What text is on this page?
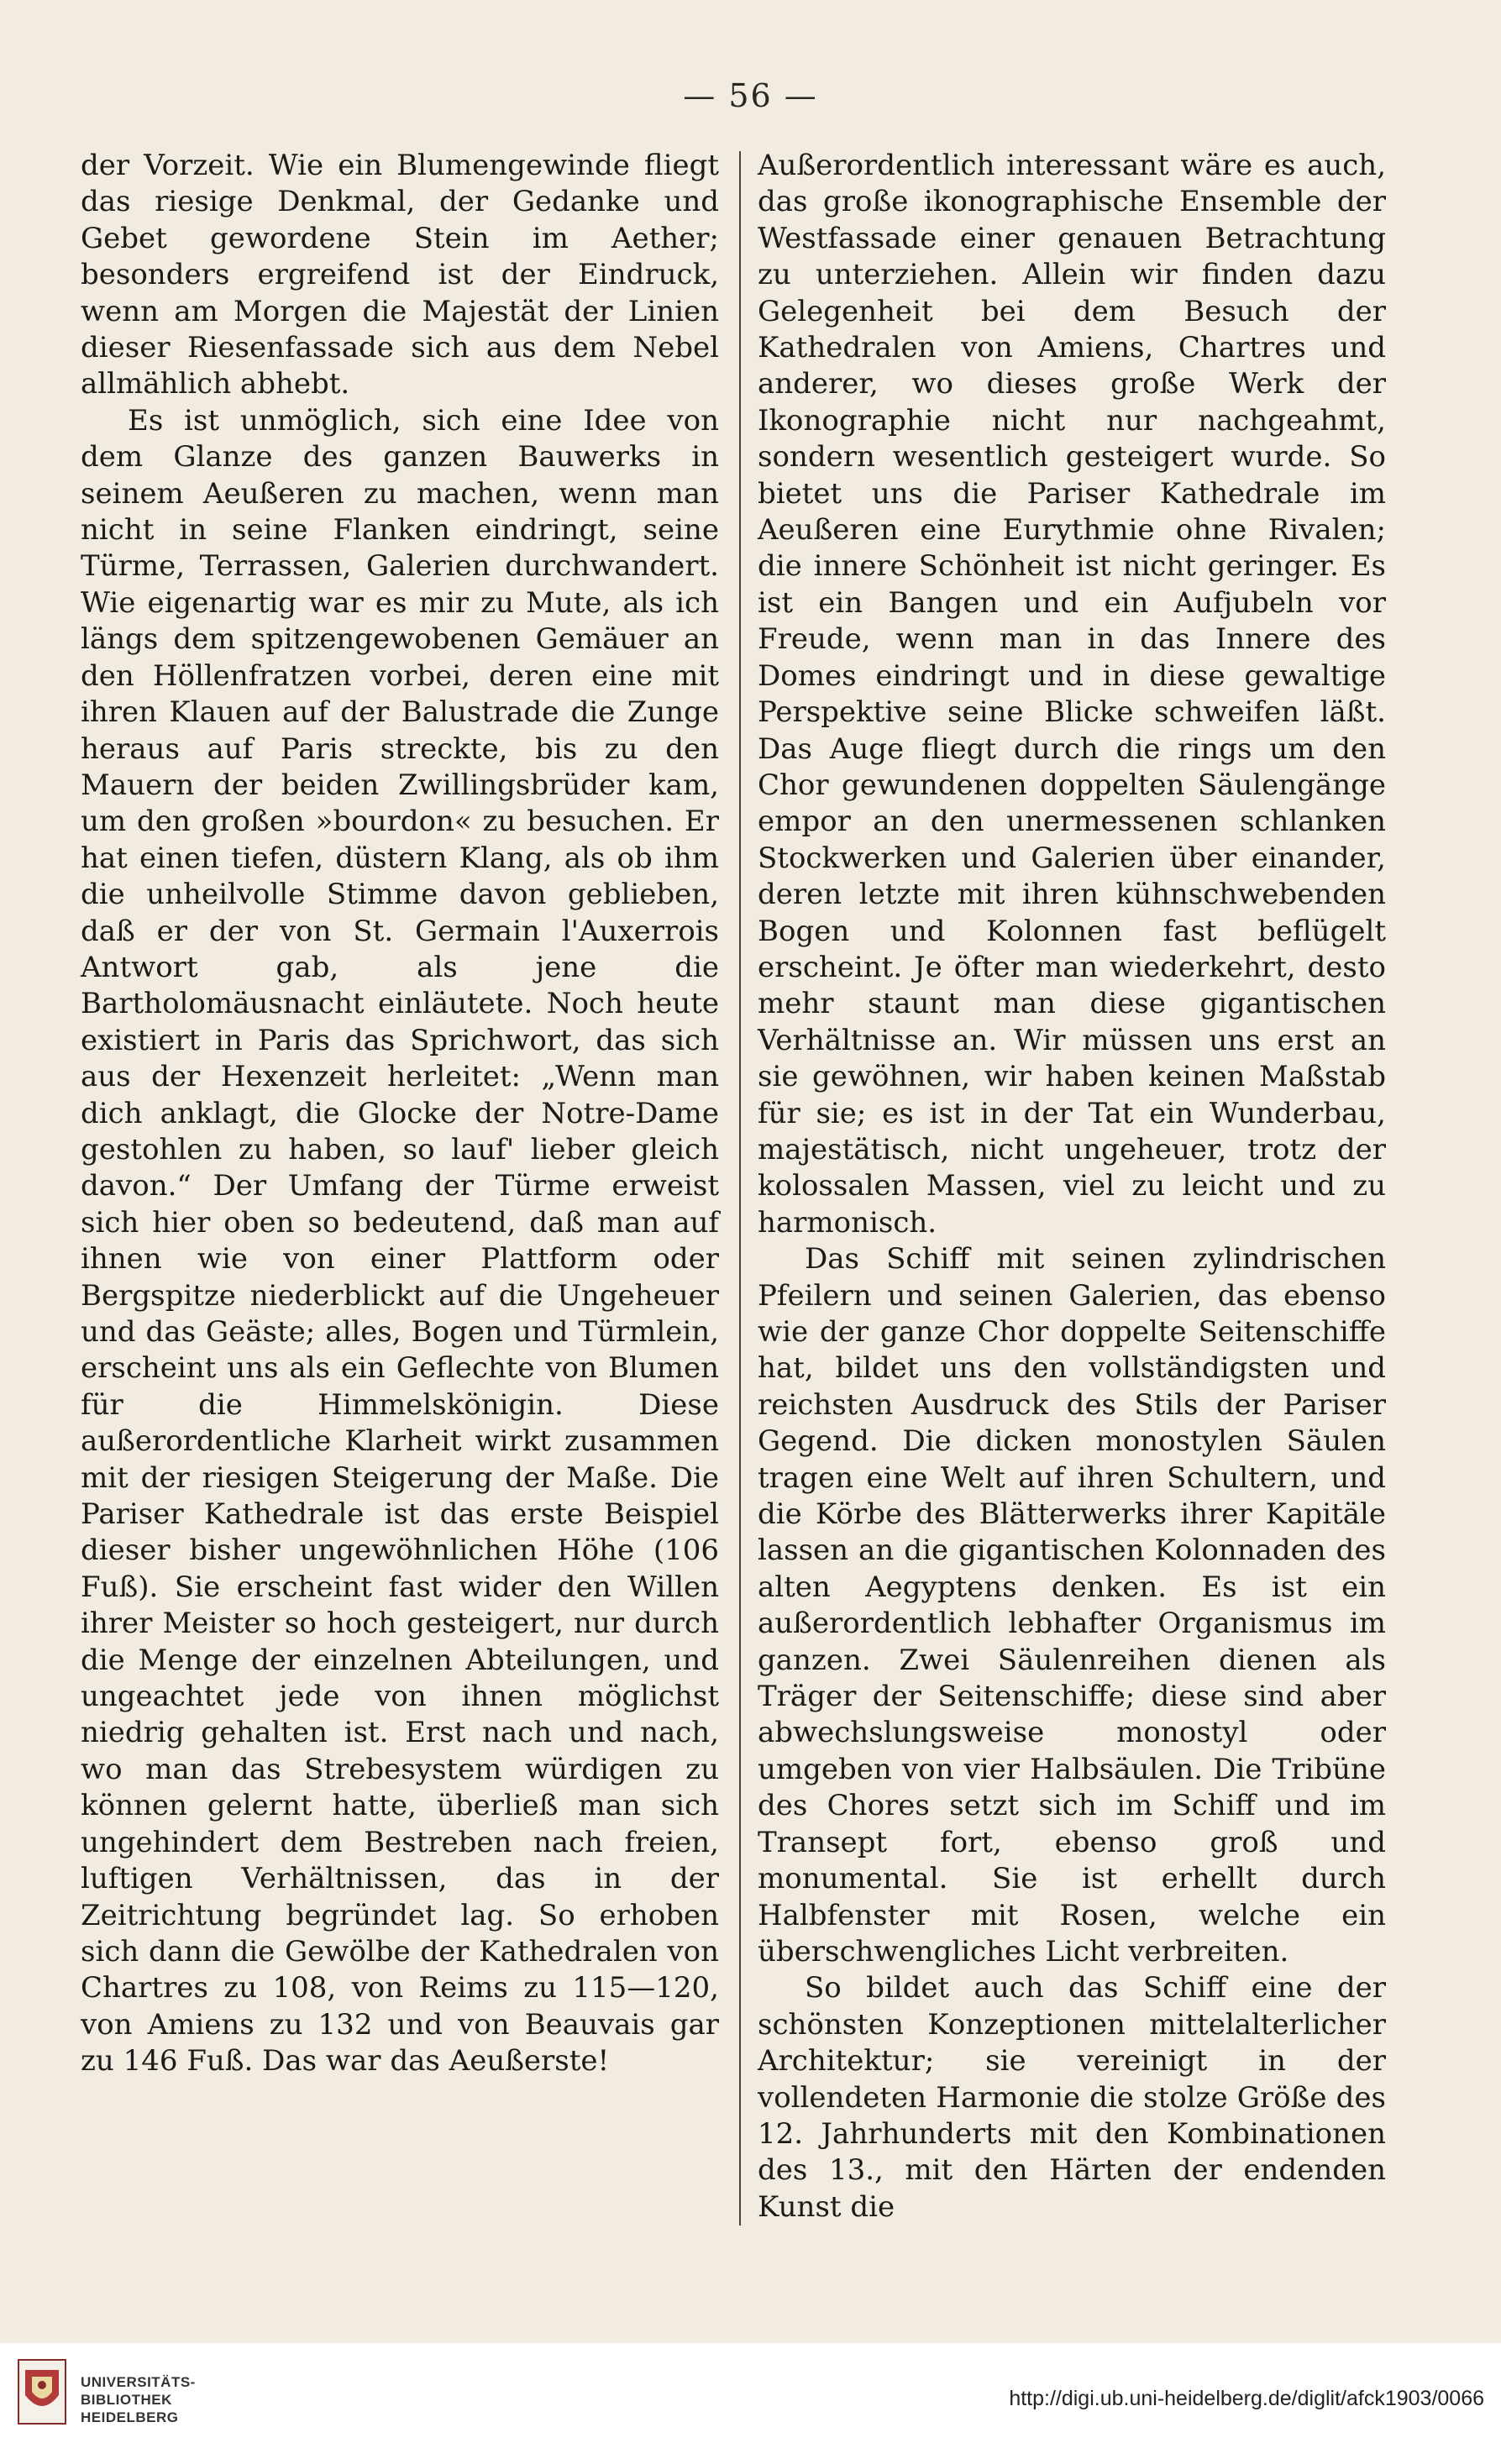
— 56 —

der Vorzeit. Wie ein Blumengewinde fliegt das riesige Denkmal, der Gedanke und Gebet gewordene Stein im Aether; besonders ergreifend ist der Eindruck, wenn am Morgen die Majestät der Linien dieser Riesenfassade sich aus dem Nebel allmählich abhebt.

Es ist unmöglich, sich eine Idee von dem Glanze des ganzen Bauwerks in seinem Aeußeren zu machen, wenn man nicht in seine Flanken eindringt, seine Türme, Terrassen, Galerien durchwandert. Wie eigenartig war es mir zu Mute, als ich längs dem spitzengewobenen Gemäuer an den Höllenfratzen vorbei, deren eine mit ihren Klauen auf der Balustrade die Zunge heraus auf Paris streckte, bis zu den Mauern der beiden Zwillingsbrüder kam, um den großen »bourdon« zu besuchen. Er hat einen tiefen, düstern Klang, als ob ihm die unheilvolle Stimme davon geblieben, daß er der von St. Germain l'Auxerrois Antwort gab, als jene die Bartholomäusnacht einläutete. Noch heute existiert in Paris das Sprichwort, das sich aus der Hexenzeit herleitet: „Wenn man dich anklagt, die Glocke der Notre-Dame gestohlen zu haben, so lauf' lieber gleich davon.“ Der Umfang der Türme erweist sich hier oben so bedeutend, daß man auf ihnen wie von einer Plattform oder Bergspitze niederblickt auf die Ungeheuer und das Geäste; alles, Bogen und Türmlein, erscheint uns als ein Geflechte von Blumen für die Himmelskönigin. Diese außerordentliche Klarheit wirkt zusammen mit der riesigen Steigerung der Maße. Die Pariser Kathedrale ist das erste Beispiel dieser bisher ungewöhnlichen Höhe (106 Fuß). Sie erscheint fast wider den Willen ihrer Meister so hoch gesteigert, nur durch die Menge der einzelnen Abteilungen, und ungeachtet jede von ihnen möglichst niedrig gehalten ist. Erst nach und nach, wo man das Strebesystem würdigen zu können gelernt hatte, überließ man sich ungehindert dem Bestreben nach freien, luftigen Verhältnissen, das in der Zeitrichtung begründet lag. So erhoben sich dann die Gewölbe der Kathedralen von Chartres zu 108, von Reims zu 115—120, von Amiens zu 132 und von Beauvais gar zu 146 Fuß. Das war das Aeußerste!

Außerordentlich interessant wäre es auch, das große ikonographische Ensemble der Westfassade einer genauen Betrachtung zu unterziehen. Allein wir finden dazu Gelegenheit bei dem Besuch der Kathedralen von Amiens, Chartres und anderer, wo dieses große Werk der Ikonographie nicht nur nachgeahmt, sondern wesentlich gesteigert wurde. So bietet uns die Pariser Kathedrale im Aeußeren eine Eurythmie ohne Rivalen; die innere Schönheit ist nicht geringer. Es ist ein Bangen und ein Aufjubeln vor Freude, wenn man in das Innere des Domes eindringt und in diese gewaltige Perspektive seine Blicke schweifen läßt. Das Auge fliegt durch die rings um den Chor gewundenen doppelten Säulengänge empor an den unermessenen schlanken Stockwerken und Galerien über einander, deren letzte mit ihren kühnschwebenden Bogen und Kolonnen fast beflügelt erscheint. Je öfter man wiederkehrt, desto mehr staunt man diese gigantischen Verhältnisse an. Wir müssen uns erst an sie gewöhnen, wir haben keinen Maßstab für sie; es ist in der Tat ein Wunderbau, majestätisch, nicht ungeheuer, trotz der kolossalen Massen, viel zu leicht und zu harmonisch.

Das Schiff mit seinen zylindrischen Pfeilern und seinen Galerien, das ebenso wie der ganze Chor doppelte Seitenschiffe hat, bildet uns den vollständigsten und reichsten Ausdruck des Stils der Pariser Gegend. Die dicken monostylen Säulen tragen eine Welt auf ihren Schultern, und die Körbe des Blätterwerks ihrer Kapitäle lassen an die gigantischen Kolonnaden des alten Aegyptens denken. Es ist ein außerordentlich lebhafter Organismus im ganzen. Zwei Säulenreihen dienen als Träger der Seitenschiffe; diese sind aber abwechslungsweise monostyl oder umgeben von vier Halbsäulen. Die Tribüne des Chores setzt sich im Schiff und im Transept fort, ebenso groß und monumental. Sie ist erhellt durch Halbfenster mit Rosen, welche ein überschwengliches Licht verbreiten.

So bildet auch das Schiff eine der schönsten Konzeptionen mittelalterlicher Architektur; sie vereinigt in der vollendeten Harmonie die stolze Größe des 12. Jahrhunderts mit den Kombinationen des 13., mit den Härten der endenden Kunst die

UNIVERSITÄTS-
BIBLIOTHEK
HEIDELBERG
http://digi.ub.uni-heidelberg.de/diglit/afck1903/0066
